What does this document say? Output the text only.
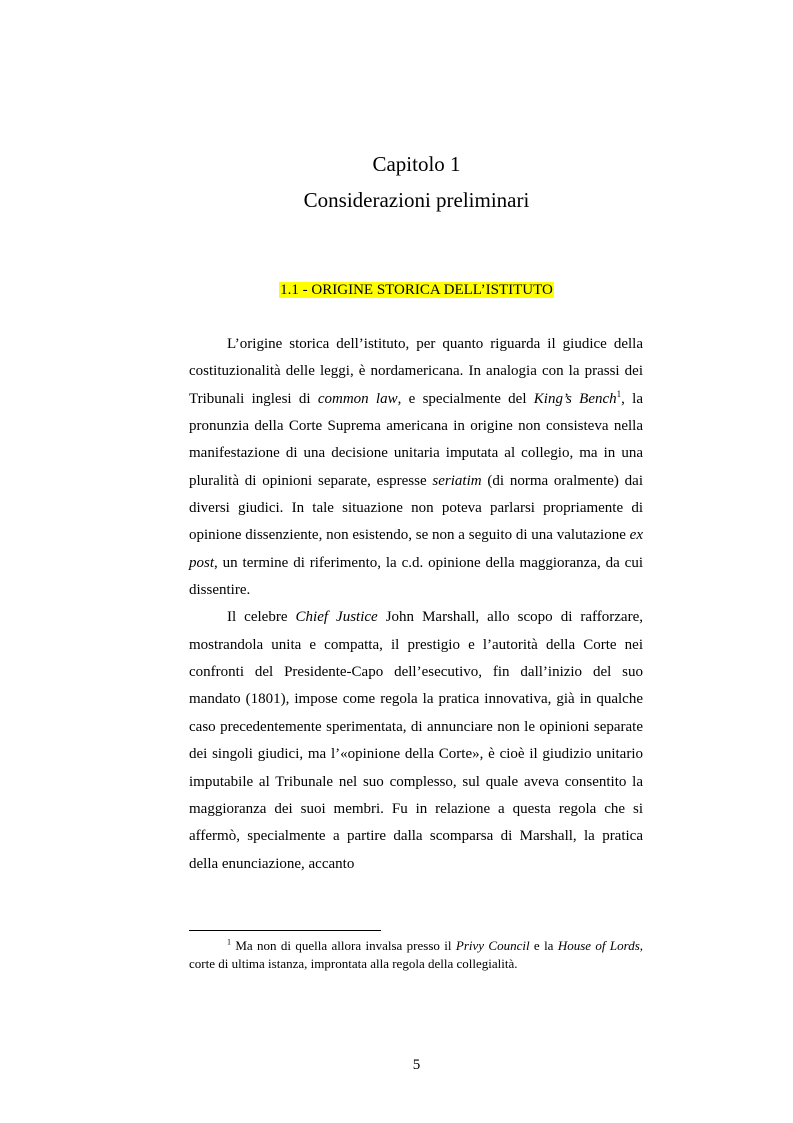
Capitolo 1
Considerazioni preliminari
1.1 - ORIGINE STORICA DELL’ISTITUTO

L’origine storica dell’istituto, per quanto riguarda il giudice della costituzionalità delle leggi, è nordamericana. In analogia con la prassi dei Tribunali inglesi di common law, e specialmente del King’s Bench$^1$, la pronunzia della Corte Suprema americana in origine non consisteva nella manifestazione di una decisione unitaria imputata al collegio, ma in una pluralità di opinioni separate, espresse seriatim (di norma oralmente) dai diversi giudici. In tale situazione non poteva parlarsi propriamente di opinione dissenziente, non esistendo, se non a seguito di una valutazione ex post, un termine di riferimento, la c.d. opinione della maggioranza, da cui dissentire.

Il celebre Chief Justice John Marshall, allo scopo di rafforzare, mostrandola unita e compatta, il prestigio e l’autorità della Corte nei confronti del Presidente-Capo dell’esecutivo, fin dall’inizio del suo mandato (1801), impose come regola la pratica innovativa, già in qualche caso precedentemente sperimentata, di annunciare non le opinioni separate dei singoli giudici, ma l’«opinione della Corte», è cioè il giudizio unitario imputabile al Tribunale nel suo complesso, sul quale aveva consentito la maggioranza dei suoi membri. Fu in relazione a questa regola che si affermò, specialmente a partire dalla scomparsa di Marshall, la pratica della enunciazione, accanto

$^1$ Ma non di quella allora invalsa presso il Privy Council e la House of Lords, corte di ultima istanza, improntata alla regola della collegialità.

5
